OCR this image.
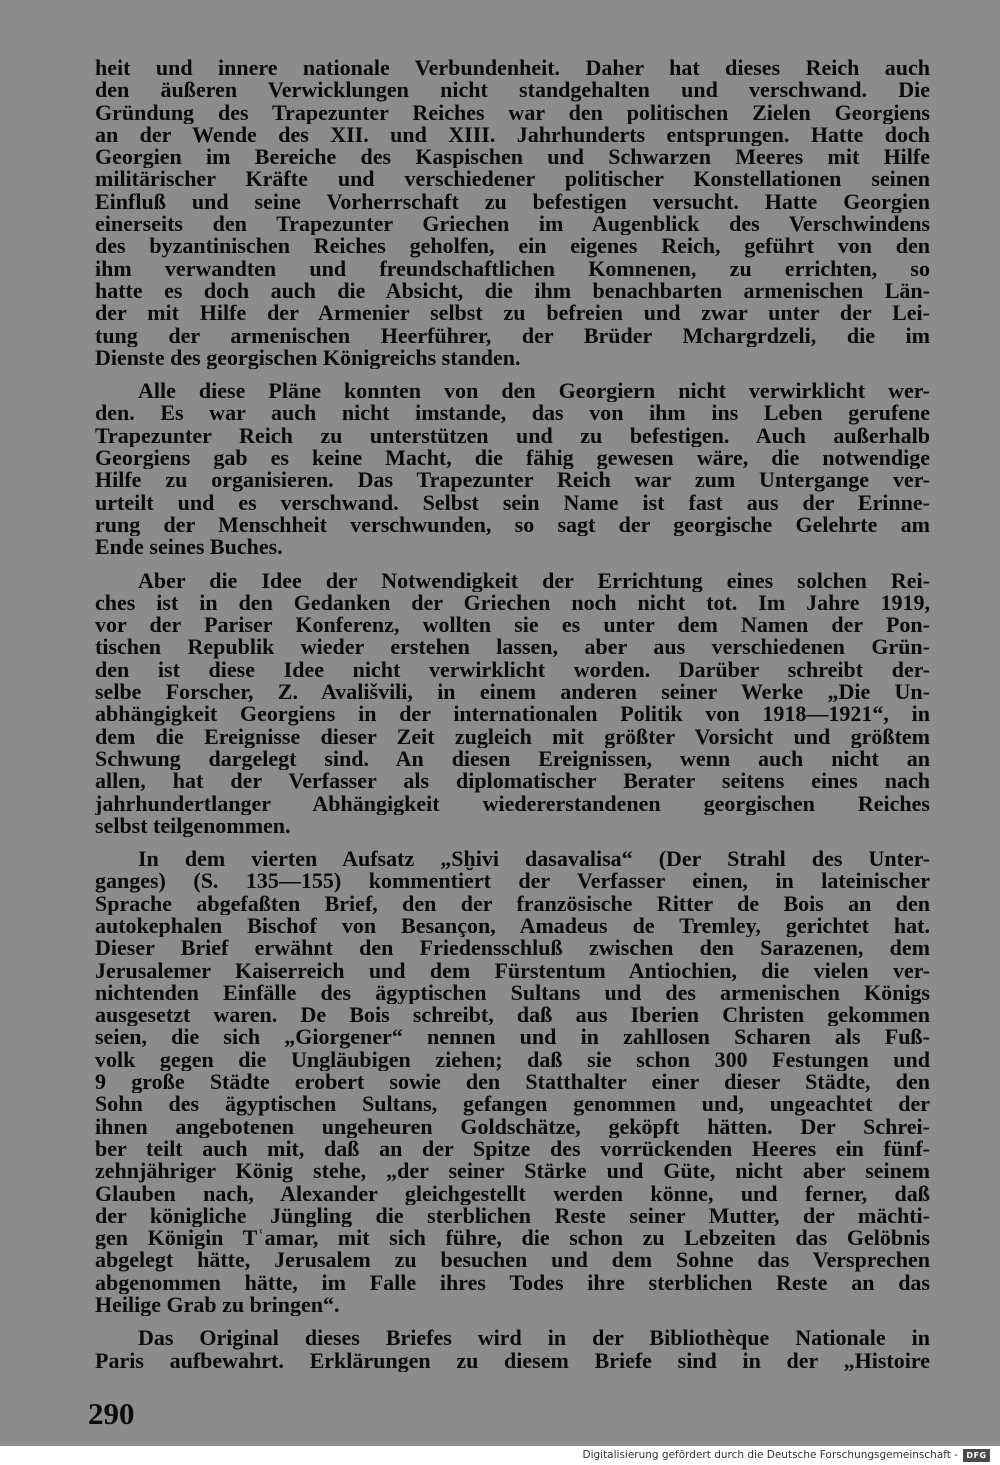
heit und innere nationale Verbundenheit. Daher hat dieses Reich auch
den äußeren Verwicklungen nicht standgehalten und verschwand. Die
Gründung des Trapezunter Reiches war den politischen Zielen Georgiens
an der Wende des XII. und XIII. Jahrhunderts entsprungen. Hatte doch
Georgien im Bereiche des Kaspischen und Schwarzen Meeres mit Hilfe
militärischer Kräfte und verschiedener politischer Konstellationen seinen
Einfluß und seine Vorherrschaft zu befestigen versucht. Hatte Georgien
einerseits den Trapezunter Griechen im Augenblick des Verschwindens
des byzantinischen Reiches geholfen, ein eigenes Reich, geführt von den
ihm verwandten und freundschaftlichen Komnenen, zu errichten, so
hatte es doch auch die Absicht, die ihm benachbarten armenischen Län-
der mit Hilfe der Armenier selbst zu befreien und zwar unter der Lei-
tung der armenischen Heerführer, der Brüder Mchargrdzeli, die im
Dienste des georgischen Königreichs standen.
Alle diese Pläne konnten von den Georgiern nicht verwirklicht wer-
den. Es war auch nicht imstande, das von ihm ins Leben gerufene
Trapezunter Reich zu unterstützen und zu befestigen. Auch außerhalb
Georgiens gab es keine Macht, die fähig gewesen wäre, die notwendige
Hilfe zu organisieren. Das Trapezunter Reich war zum Untergange ver-
urteilt und es verschwand. Selbst sein Name ist fast aus der Erinne-
rung der Menschheit verschwunden, so sagt der georgische Gelehrte am
Ende seines Buches.
Aber die Idee der Notwendigkeit der Errichtung eines solchen Rei-
ches ist in den Gedanken der Griechen noch nicht tot. Im Jahre 1919,
vor der Pariser Konferenz, wollten sie es unter dem Namen der Pon-
tischen Republik wieder erstehen lassen, aber aus verschiedenen Grün-
den ist diese Idee nicht verwirklicht worden. Darüber schreibt der-
selbe Forscher, Z. Avališvili, in einem anderen seiner Werke „Die Un-
abhängigkeit Georgiens in der internationalen Politik von 1918—1921“, in
dem die Ereignisse dieser Zeit zugleich mit größter Vorsicht und größtem
Schwung dargelegt sind. An diesen Ereignissen, wenn auch nicht an
allen, hat der Verfasser als diplomatischer Berater seitens eines nach
jahrhundertlanger Abhängigkeit wiedererstandenen georgischen Reiches
selbst teilgenommen.
In dem vierten Aufsatz „Sḫivi dasavalisa“ (Der Strahl des Unter-
ganges) (S. 135—155) kommentiert der Verfasser einen, in lateinischer
Sprache abgefaßten Brief, den der französische Ritter de Bois an den
autokephalen Bischof von Besançon, Amadeus de Tremley, gerichtet hat.
Dieser Brief erwähnt den Friedensschluß zwischen den Sarazenen, dem
Jerusalemer Kaiserreich und dem Fürstentum Antiochien, die vielen ver-
nichtenden Einfälle des ägyptischen Sultans und des armenischen Königs
ausgesetzt waren. De Bois schreibt, daß aus Iberien Christen gekommen
seien, die sich „Giorgener“ nennen und in zahllosen Scharen als Fuß-
volk gegen die Ungläubigen ziehen; daß sie schon 300 Festungen und
9 große Städte erobert sowie den Statthalter einer dieser Städte, den
Sohn des ägyptischen Sultans, gefangen genommen und, ungeachtet der
ihnen angebotenen ungeheuren Goldschätze, geköpft hätten. Der Schrei-
ber teilt auch mit, daß an der Spitze des vorrückenden Heeres ein fünf-
zehnjähriger König stehe, „der seiner Stärke und Güte, nicht aber seinem
Glauben nach, Alexander gleichgestellt werden könne, und ferner, daß
der königliche Jüngling die sterblichen Reste seiner Mutter, der mächti-
gen Königin Tʿamar, mit sich führe, die schon zu Lebzeiten das Gelöbnis
abgelegt hätte, Jerusalem zu besuchen und dem Sohne das Versprechen
abgenommen hätte, im Falle ihres Todes ihre sterblichen Reste an das
Heilige Grab zu bringen“.
Das Original dieses Briefes wird in der Bibliothèque Nationale in
Paris aufbewahrt. Erklärungen zu diesem Briefe sind in der „Histoire
290
Digitalisierung gefördert durch die Deutsche Forschungsgemeinschaft -	DFG
